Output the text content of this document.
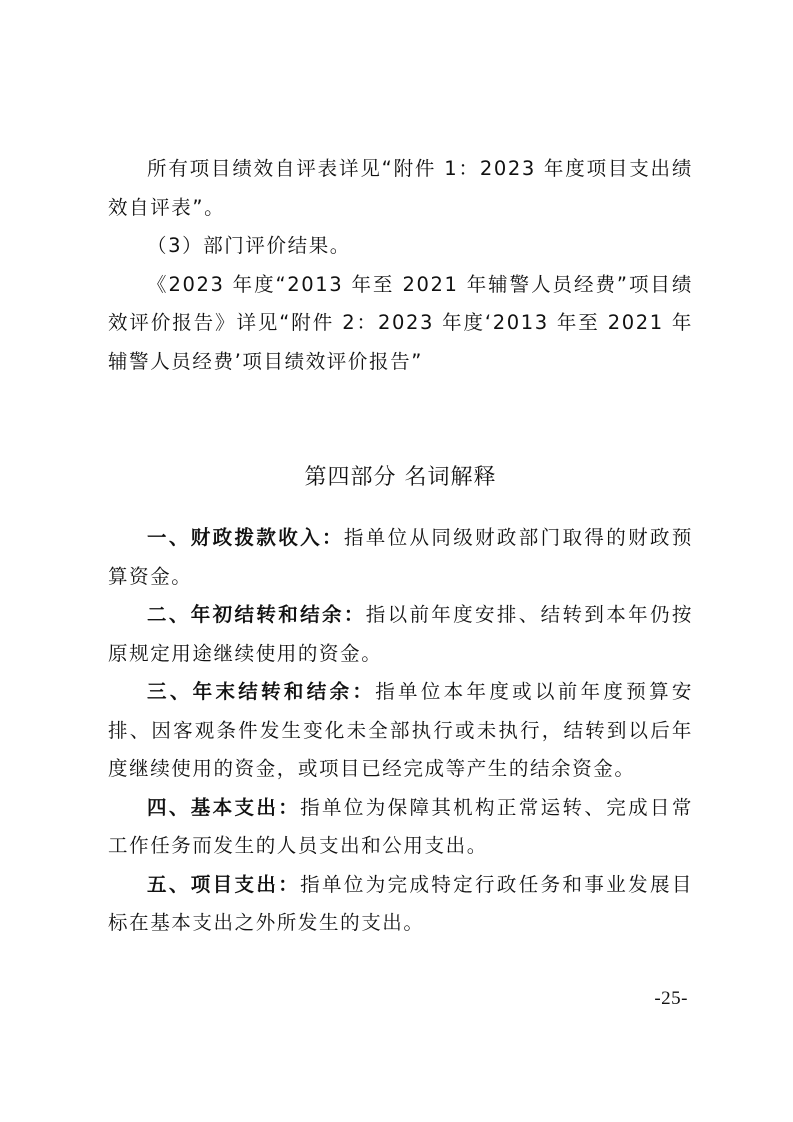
所有项目绩效自评表详见“附件 1：2023 年度项目支出绩效自评表”。

（3）部门评价结果。

《2023 年度“2013 年至 2021 年辅警人员经费”项目绩效评价报告》详见“附件 2：2023 年度‘2013 年至 2021 年辅警人员经费’项目绩效评价报告”

第四部分 名词解释

一、财政拨款收入：指单位从同级财政部门取得的财政预算资金。

二、年初结转和结余：指以前年度安排、结转到本年仍按原规定用途继续使用的资金。

三、年末结转和结余：指单位本年度或以前年度预算安排、因客观条件发生变化未全部执行或未执行，结转到以后年度继续使用的资金，或项目已经完成等产生的结余资金。

四、基本支出：指单位为保障其机构正常运转、完成日常工作任务而发生的人员支出和公用支出。

五、项目支出：指单位为完成特定行政任务和事业发展目标在基本支出之外所发生的支出。

-25-
